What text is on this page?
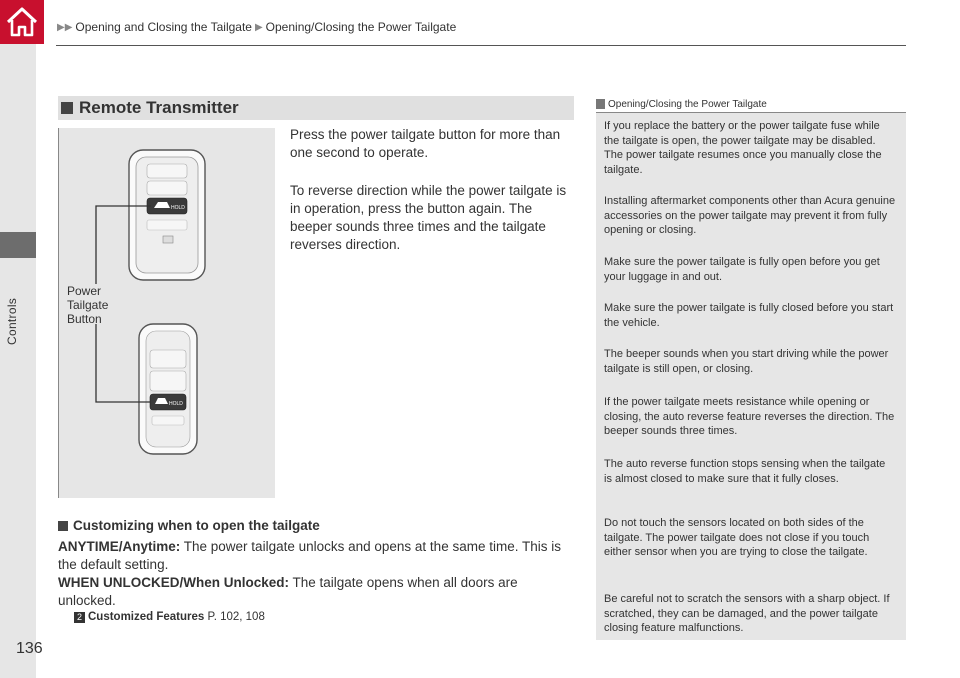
Controls
▶▶ Opening and Closing the Tailgate ▶ Opening/Closing the Power Tailgate
Remote Transmitter
HOLD
HOLD
Power
Tailgate
Button
Press the power tailgate button for more than one second to operate.
To reverse direction while the power tailgate is in operation, press the button again. The beeper sounds three times and the tailgate reverses direction.
Customizing when to open the tailgate
ANYTIME/Anytime: The power tailgate unlocks and opens at the same time. This is the default setting.
WHEN UNLOCKED/When Unlocked: The tailgate opens when all doors are unlocked.
2 Customized Features P. 102, 108
Opening/Closing the Power Tailgate
If you replace the battery or the power tailgate fuse while the tailgate is open, the power tailgate may be disabled. The power tailgate resumes once you manually close the tailgate.
Installing aftermarket components other than Acura genuine accessories on the power tailgate may prevent it from fully opening or closing.
Make sure the power tailgate is fully open before you get your luggage in and out.
Make sure the power tailgate is fully closed before you start the vehicle.
The beeper sounds when you start driving while the power tailgate is still open, or closing.
If the power tailgate meets resistance while opening or closing, the auto reverse feature reverses the direction. The beeper sounds three times.
The auto reverse function stops sensing when the tailgate is almost closed to make sure that it fully closes.
Do not touch the sensors located on both sides of the tailgate. The power tailgate does not close if you touch either sensor when you are trying to close the tailgate.
Be careful not to scratch the sensors with a sharp object. If scratched, they can be damaged, and the power tailgate closing feature malfunctions.
136
